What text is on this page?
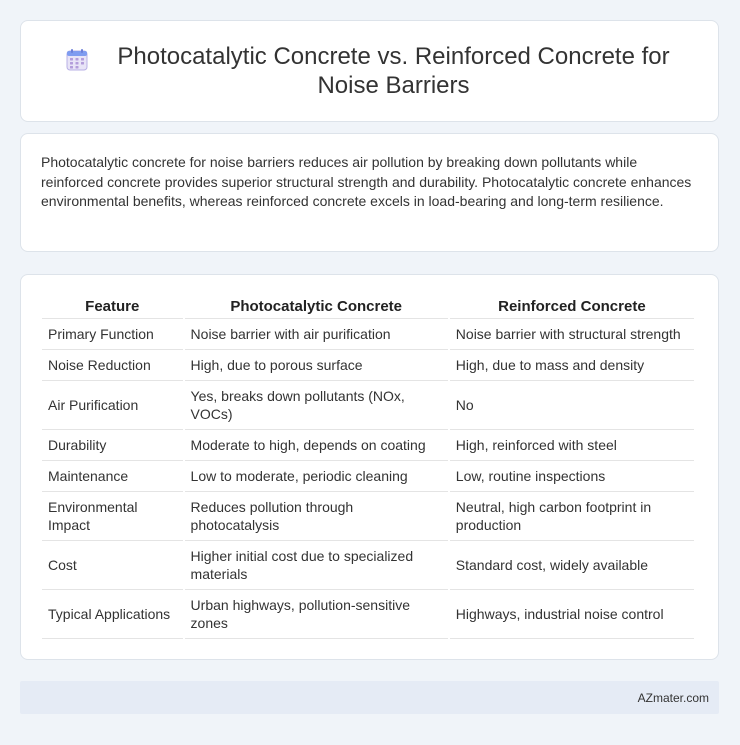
Photocatalytic Concrete vs. Reinforced Concrete for Noise Barriers

Photocatalytic concrete for noise barriers reduces air pollution by breaking down pollutants while reinforced concrete provides superior structural strength and durability. Photocatalytic concrete enhances environmental benefits, whereas reinforced concrete excels in load-bearing and long-term resilience.

Feature	Photocatalytic Concrete	Reinforced Concrete
Primary Function	Noise barrier with air purification	Noise barrier with structural strength
Noise Reduction	High, due to porous surface	High, due to mass and density
Air Purification	Yes, breaks down pollutants (NOx, VOCs)	No
Durability	Moderate to high, depends on coating	High, reinforced with steel
Maintenance	Low to moderate, periodic cleaning	Low, routine inspections
Environmental Impact	Reduces pollution through photocatalysis	Neutral, high carbon footprint in production
Cost	Higher initial cost due to specialized materials	Standard cost, widely available
Typical Applications	Urban highways, pollution-sensitive zones	Highways, industrial noise control
AZmater.com
